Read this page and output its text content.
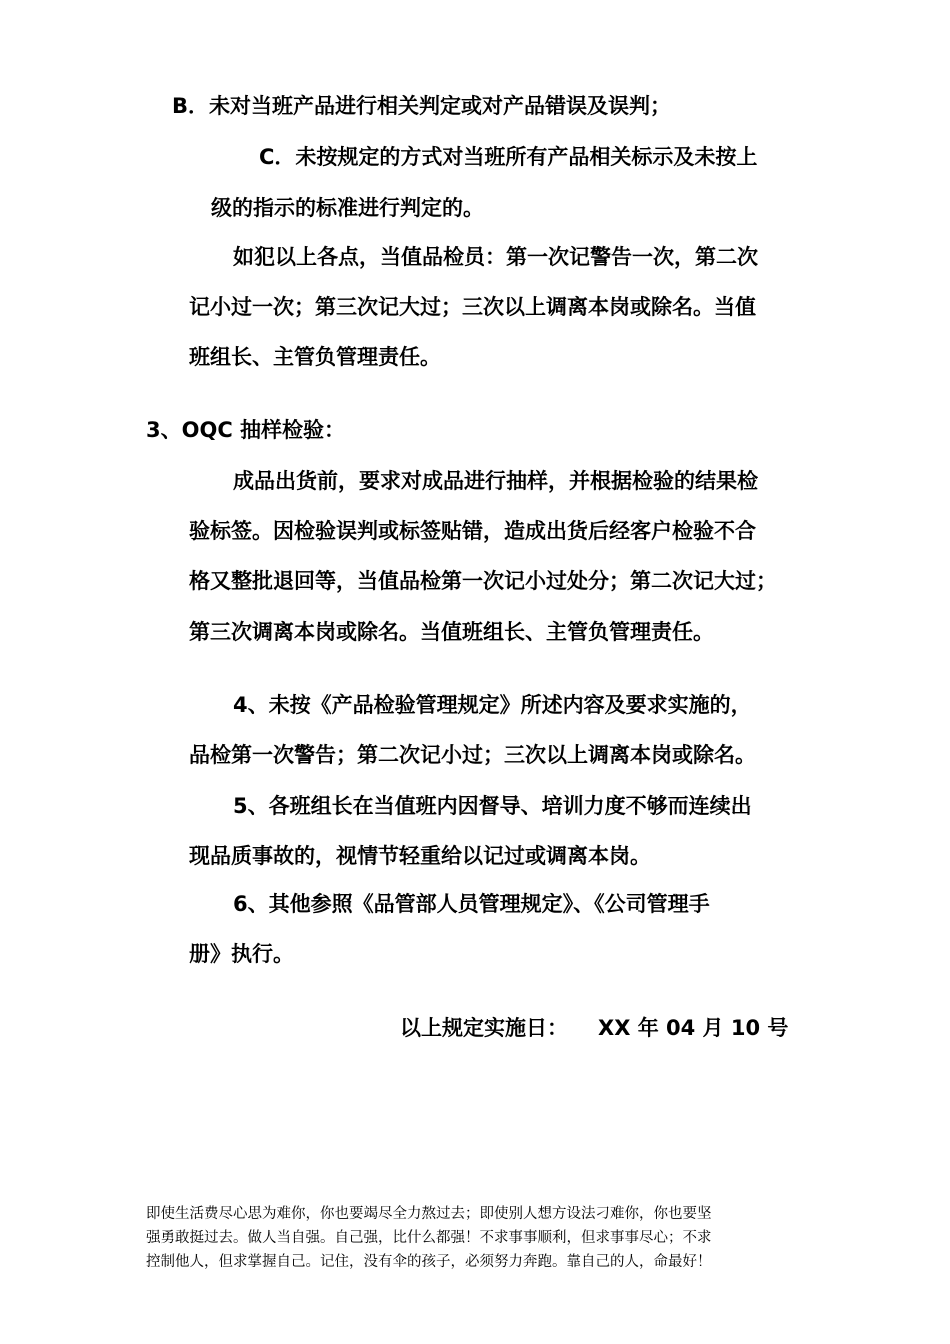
B．未对当班产品进行相关判定或对产品错误及误判；
C．未按规定的方式对当班所有产品相关标示及未按上
级的指示的标准进行判定的。
如犯以上各点，当值品检员：第一次记警告一次，第二次
记小过一次；第三次记大过；三次以上调离本岗或除名。当值
班组长、主管负管理责任。
3、OQC 抽样检验：
成品出货前，要求对成品进行抽样，并根据检验的结果检
验标签。因检验误判或标签贴错，造成出货后经客户检验不合
格又整批退回等，当值品检第一次记小过处分；第二次记大过；
第三次调离本岗或除名。当值班组长、主管负管理责任。
4、未按《产品检验管理规定》所述内容及要求实施的，
品检第一次警告；第二次记小过；三次以上调离本岗或除名。
5、各班组长在当值班内因督导、培训力度不够而连续出
现品质事故的，视情节轻重给以记过或调离本岗。
6、其他参照《品管部人员管理规定》、《公司管理手
册》执行。
以上规定实施日： XX 年 04 月 10 号
即使生活费尽心思为难你，你也要竭尽全力熬过去；即使别人想方设法刁难你，你也要坚
强勇敢挺过去。做人当自强。自己强，比什么都强！不求事事顺利，但求事事尽心；不求
控制他人，但求掌握自己。记住，没有伞的孩子，必须努力奔跑。靠自己的人，命最好！
